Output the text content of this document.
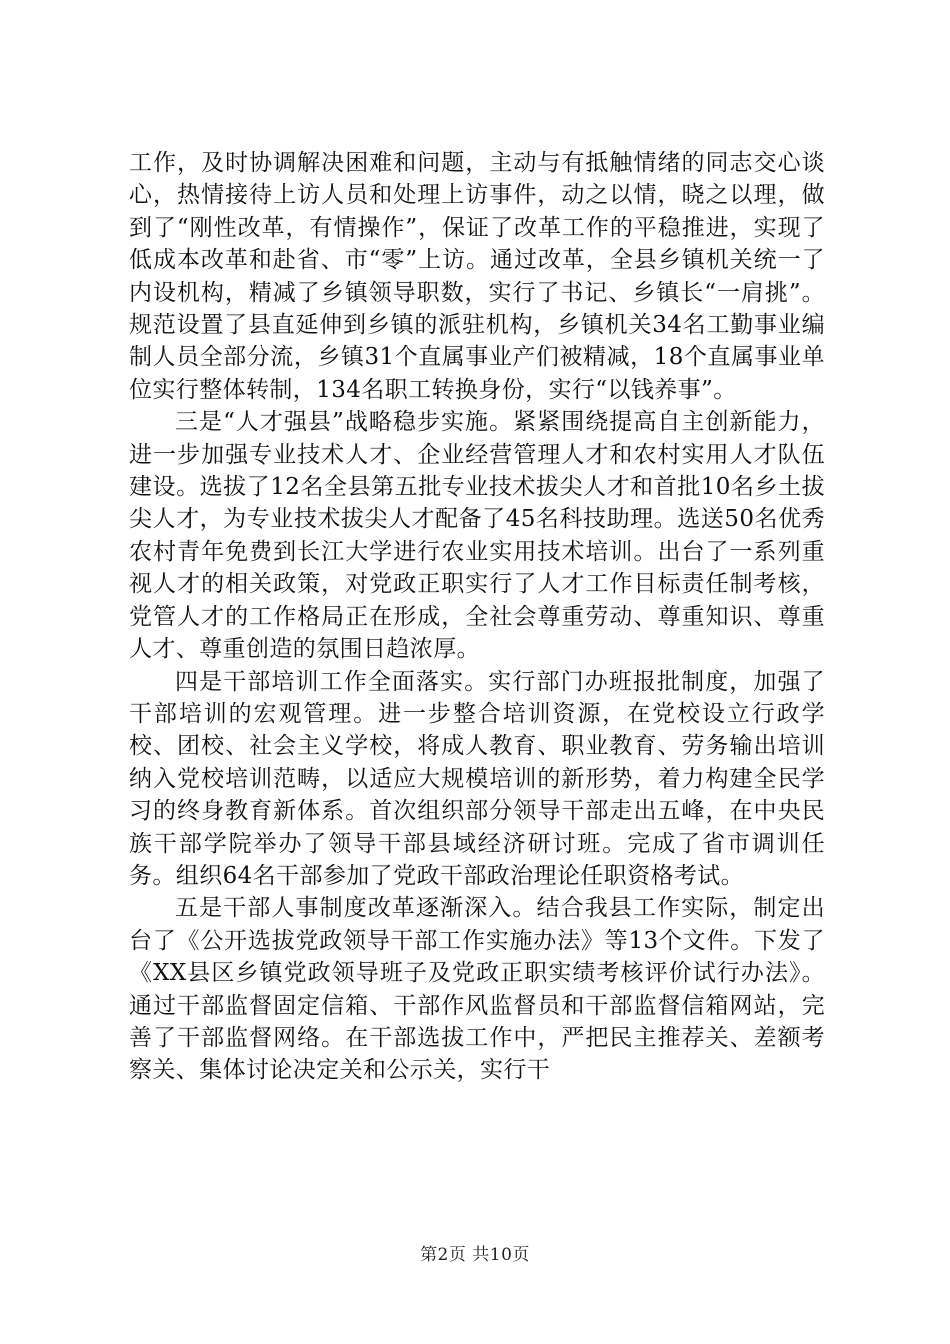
工作，及时协调解决困难和问题，主动与有抵触情绪的同志交心谈心，热情接待上访人员和处理上访事件，动之以情，晓之以理，做到了“刚性改革，有情操作”，保证了改革工作的平稳推进，实现了低成本改革和赴省、市“零”上访。通过改革，全县乡镇机关统一了内设机构，精减了乡镇领导职数，实行了书记、乡镇长“一肩挑”。规范设置了县直延伸到乡镇的派驻机构，乡镇机关34名工勤事业编制人员全部分流，乡镇31个直属事业产们被精减，18个直属事业单位实行整体转制，134名职工转换身份，实行“以钱养事”。

三是“人才强县”战略稳步实施。紧紧围绕提高自主创新能力，进一步加强专业技术人才、企业经营管理人才和农村实用人才队伍建设。选拔了12名全县第五批专业技术拔尖人才和首批10名乡土拔尖人才，为专业技术拔尖人才配备了45名科技助理。选送50名优秀农村青年免费到长江大学进行农业实用技术培训。出台了一系列重视人才的相关政策，对党政正职实行了人才工作目标责任制考核，党管人才的工作格局正在形成，全社会尊重劳动、尊重知识、尊重人才、尊重创造的氛围日趋浓厚。

四是干部培训工作全面落实。实行部门办班报批制度，加强了干部培训的宏观管理。进一步整合培训资源，在党校设立行政学校、团校、社会主义学校，将成人教育、职业教育、劳务输出培训纳入党校培训范畴，以适应大规模培训的新形势，着力构建全民学习的终身教育新体系。首次组织部分领导干部走出五峰，在中央民族干部学院举办了领导干部县域经济研讨班。完成了省市调训任务。组织64名干部参加了党政干部政治理论任职资格考试。

五是干部人事制度改革逐渐深入。结合我县工作实际，制定出台了《公开选拔党政领导干部工作实施办法》等13个文件。下发了《XX县区乡镇党政领导班子及党政正职实绩考核评价试行办法》。通过干部监督固定信箱、干部作风监督员和干部监督信箱网站，完善了干部监督网络。在干部选拔工作中，严把民主推荐关、差额考察关、集体讨论决定关和公示关，实行干

第2页 共10页
